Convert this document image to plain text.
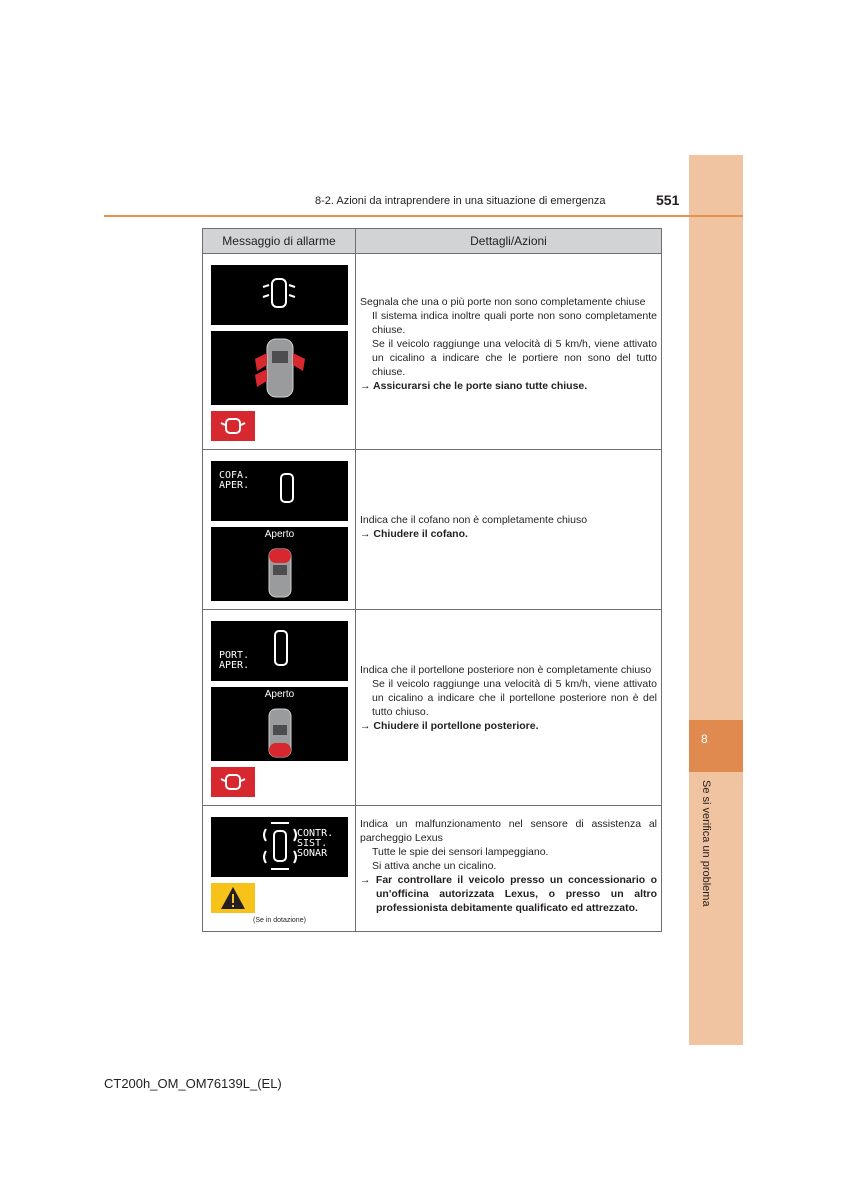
8
Se si verifica un problema
8-2. Azioni da intraprendere in una situazione di emergenza	551
Messaggio di allarme	Dettagli/Azioni

Segnala che una o più porte non sono completamente chiuse

Il sistema indica inoltre quali porte non sono completamente chiuse.

Se il veicolo raggiunge una velocità di 5 km/h, viene attivato un cicalino a indicare che le portiere non sono del tutto chiuse.

→ Assicurarsi che le porte siano tutte chiuse.

COFA.
APER.
Aperto

Indica che il cofano non è completamente chiuso

→ Chiudere il cofano.

PORT.
APER.
Aperto

Indica che il portellone posteriore non è completamente chiuso

Se il veicolo raggiunge una velocità di 5 km/h, viene attivato un cicalino a indicare che il portellone posteriore non è del tutto chiuso.

→ Chiudere il portellone posteriore.

CONTR.
SIST.
SONAR
(Se in dotazione)

Indica un malfunzionamento nel sensore di assistenza al parcheggio Lexus

Tutte le spie dei sensori lampeggiano.

Si attiva anche un cicalino.

→ Far controllare il veicolo presso un concessionario o un'officina autorizzata Lexus, o presso un altro professionista debitamente qualificato ed attrezzato.

CT200h_OM_OM76139L_(EL)
